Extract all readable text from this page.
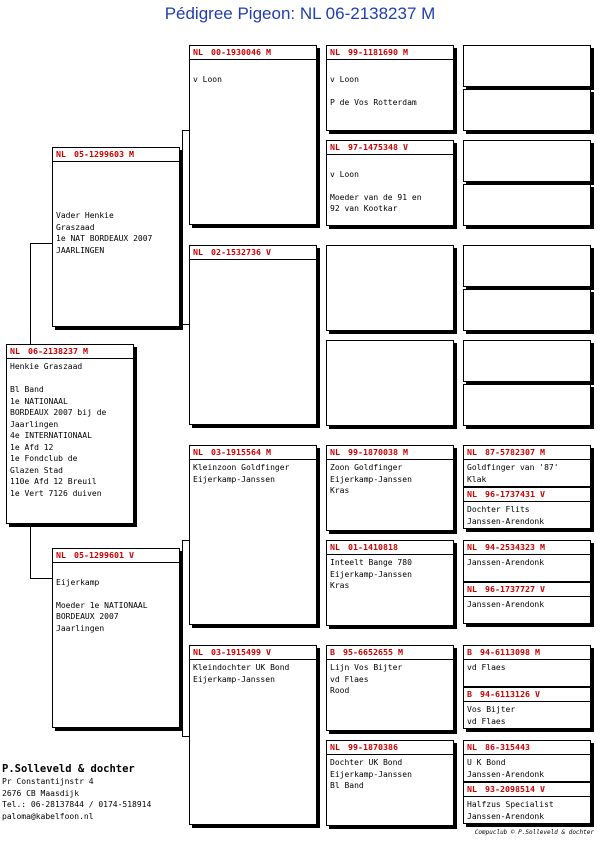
Pédigree Pigeon: NL 06-2138237 M
NL 06-2138237 M
Henkie Graszaad
Bl Band
1e NATIONAAL
BORDEAUX 2007 bij de
Jaarlingen
4e INTERNATIONAAL
1e Afd 12
1e Fondclub de
Glazen Stad
110e Afd 12 Breuil
1e Vert 7126 duiven
NL 05-1299603 M
Vader Henkie
Graszaad
1e NAT BORDEAUX 2007
JAARLINGEN
NL 05-1299601 V
Eijerkamp
Moeder 1e NATIONAAL
BORDEAUX 2007
Jaarlingen
NL 00-1930046 M
v Loon
NL 02-1532736 V
NL 03-1915564 M
Kleinzoon Goldfinger
Eijerkamp-Janssen
NL 03-1915499 V
Kleindochter UK Bond
Eijerkamp-Janssen
NL 99-1181690 M
v Loon
P de Vos Rotterdam
NL 97-1475348 V
v Loon
Moeder van de 91 en
92 van Kootkar
NL 99-1870038 M
Zoon Goldfinger
Eijerkamp-Janssen
Kras
NL 01-1410818
Inteelt Bange 780
Eijerkamp-Janssen
Kras
B 95-6652655 M
Lijn Vos Bijter
vd Flaes
Rood
NL 99-1870386
Dochter UK Bond
Eijerkamp-Janssen
Bl Band
NL 87-5782307 M
Goldfinger van '87'
Klak
NL 96-1737431 V
Dochter Flits
Janssen-Arendonk
NL 94-2534323 M
Janssen-Arendonk
NL 96-1737727 V
Janssen-Arendonk
B 94-6113098 M
vd Flaes
B 94-6113126 V
Vos Bijter
vd Flaes
NL 86-315443
U K Bond
Janssen-Arendonk
NL 93-2098514 V
Halfzus Specialist
Janssen-Arendonk
P.Solleveld & dochter
Pr Constantijnstr 4
2676 CB Maasdijk
Tel.: 06-28137844 / 0174-518914
paloma@kabelfoon.nl
Compuclub © P.Solleveld & dochter
